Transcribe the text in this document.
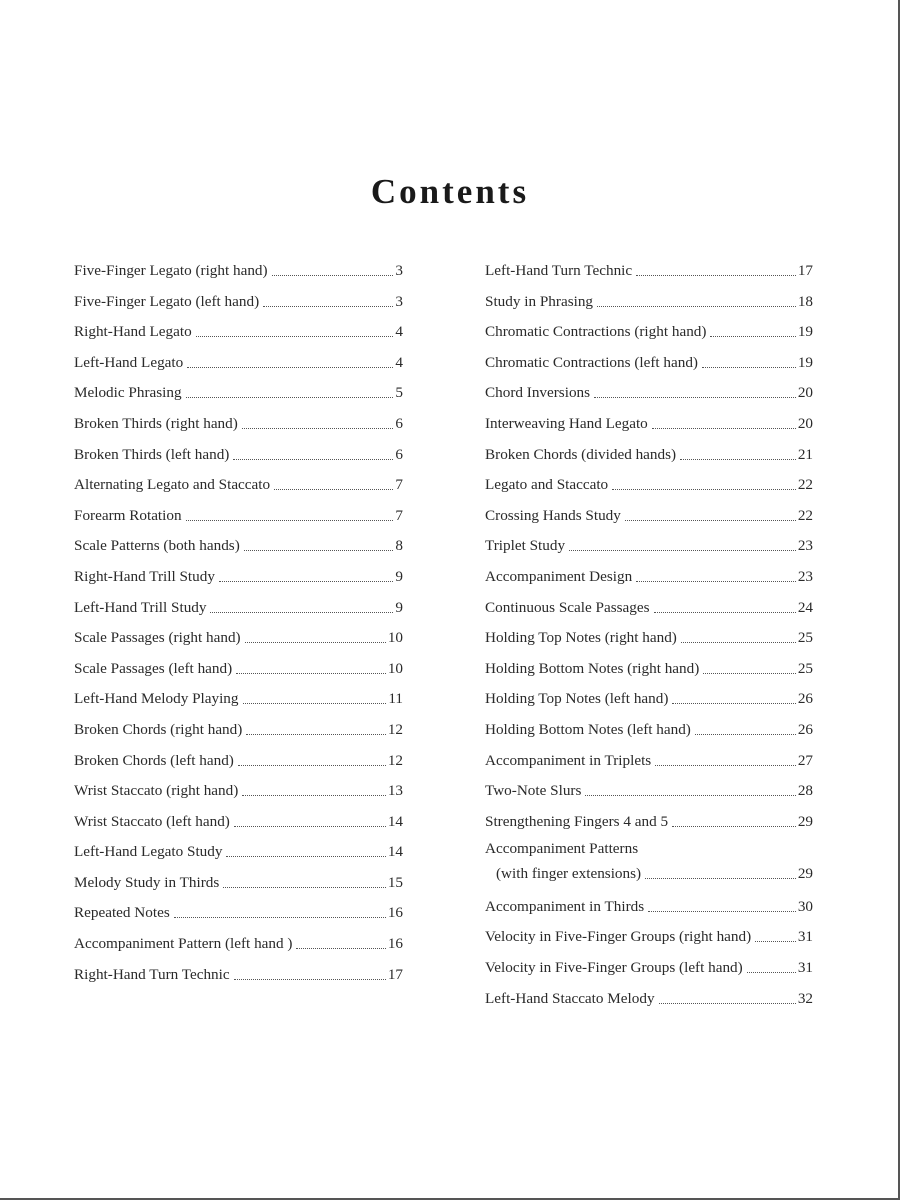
Contents
Five-Finger Legato (right hand)	3
Five-Finger Legato (left hand)	3
Right-Hand Legato	4
Left-Hand Legato	4
Melodic Phrasing	5
Broken Thirds (right hand)	6
Broken Thirds (left hand)	6
Alternating Legato and Staccato	7
Forearm Rotation	7
Scale Patterns (both hands)	8
Right-Hand Trill Study	9
Left-Hand Trill Study	9
Scale Passages (right hand)	10
Scale Passages (left hand)	10
Left-Hand Melody Playing	11
Broken Chords (right hand)	12
Broken Chords (left hand)	12
Wrist Staccato (right hand)	13
Wrist Staccato (left hand)	14
Left-Hand Legato Study	14
Melody Study in Thirds	15
Repeated Notes	16
Accompaniment Pattern (left hand )	16
Right-Hand Turn Technic	17
Left-Hand Turn Technic	17
Study in Phrasing	18
Chromatic Contractions (right hand)	19
Chromatic Contractions (left hand)	19
Chord Inversions	20
Interweaving Hand Legato	20
Broken Chords (divided hands)	21
Legato and Staccato	22
Crossing Hands Study	22
Triplet Study	23
Accompaniment Design	23
Continuous Scale Passages	24
Holding Top Notes (right hand)	25
Holding Bottom Notes (right hand)	25
Holding Top Notes (left hand)	26
Holding Bottom Notes (left hand)	26
Accompaniment in Triplets	27
Two-Note Slurs	28
Strengthening Fingers 4 and 5	29
Accompaniment Patterns
(with finger extensions)	29
Accompaniment in Thirds	30
Velocity in Five-Finger Groups (right hand)	31
Velocity in Five-Finger Groups (left hand)	31
Left-Hand Staccato Melody	32
